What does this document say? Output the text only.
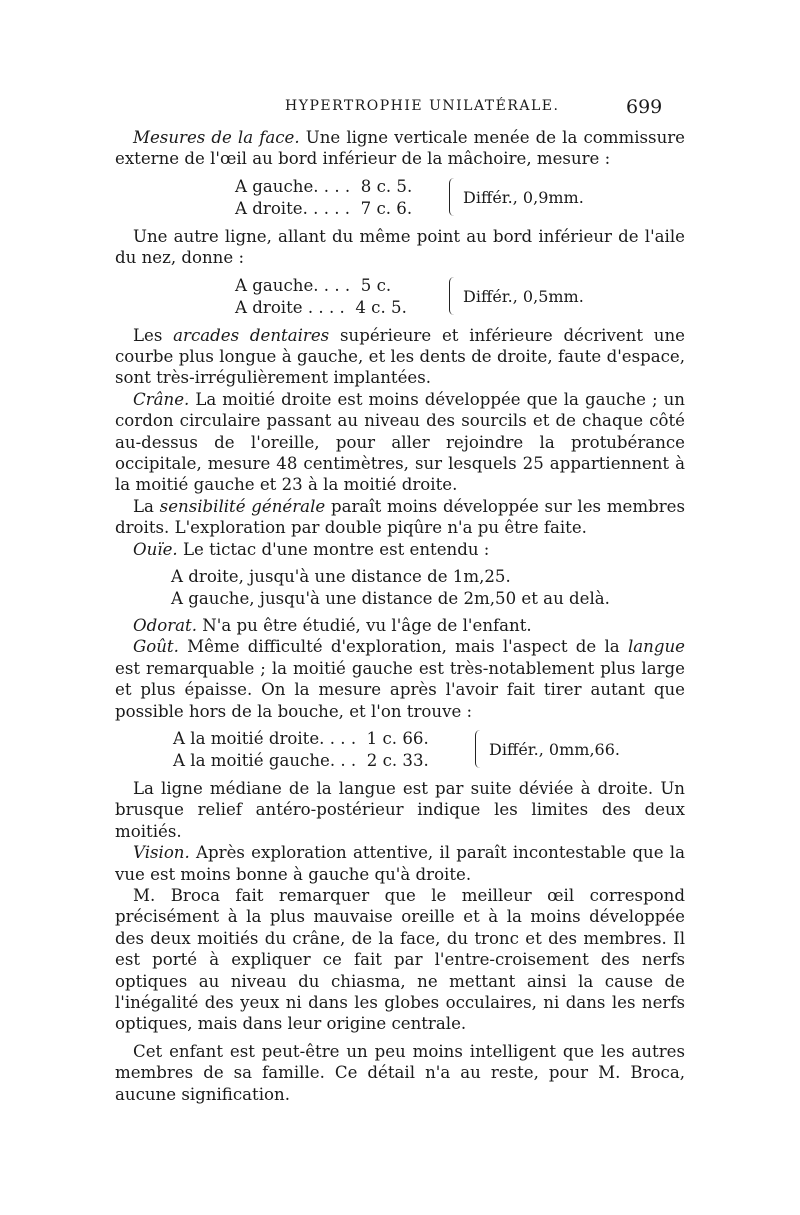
HYPERTROPHIE UNILATÉRALE.	699

Mesures de la face. Une ligne verticale menée de la commissure externe de l'œil au bord inférieur de la mâchoire, mesure :

A gauche. . . .  8 c. 5.
A droite. . . . .  7 c. 6.
Différ., 0,9mm.

Une autre ligne, allant du même point au bord inférieur de l'aile du nez, donne :

A gauche. . . .  5 c.
A droite . . . .  4 c. 5.
Différ., 0,5mm.

Les arcades dentaires supérieure et inférieure décrivent une courbe plus longue à gauche, et les dents de droite, faute d'espace, sont très-irrégulièrement implantées.

Crâne. La moitié droite est moins développée que la gauche ; un cordon circulaire passant au niveau des sourcils et de chaque côté au-dessus de l'oreille, pour aller rejoindre la protubérance occipitale, mesure 48 centimètres, sur lesquels 25 appartiennent à la moitié gauche et 23 à la moitié droite.

La sensibilité générale paraît moins développée sur les membres droits. L'exploration par double piqûre n'a pu être faite.

Ouïe. Le tictac d'une montre est entendu :

A droite, jusqu'à une distance de 1m,25.

A gauche, jusqu'à une distance de 2m,50 et au delà.

Odorat. N'a pu être étudié, vu l'âge de l'enfant.

Goût. Même difficulté d'exploration, mais l'aspect de la langue est remarquable ; la moitié gauche est très-notablement plus large et plus épaisse. On la mesure après l'avoir fait tirer autant que possible hors de la bouche, et l'on trouve :

A la moitié droite. . . .  1 c. 66.
A la moitié gauche. . .  2 c. 33.
Différ., 0mm,66.

La ligne médiane de la langue est par suite déviée à droite. Un brusque relief antéro-postérieur indique les limites des deux moitiés.

Vision. Après exploration attentive, il paraît incontestable que la vue est moins bonne à gauche qu'à droite.

M. Broca fait remarquer que le meilleur œil correspond précisément à la plus mauvaise oreille et à la moins développée des deux moitiés du crâne, de la face, du tronc et des membres. Il est porté à expliquer ce fait par l'entre-croisement des nerfs optiques au niveau du chiasma, ne mettant ainsi la cause de l'inégalité des yeux ni dans les globes occulaires, ni dans les nerfs optiques, mais dans leur origine centrale.

Cet enfant est peut-être un peu moins intelligent que les autres membres de sa famille. Ce détail n'a au reste, pour M. Broca, aucune signification.
